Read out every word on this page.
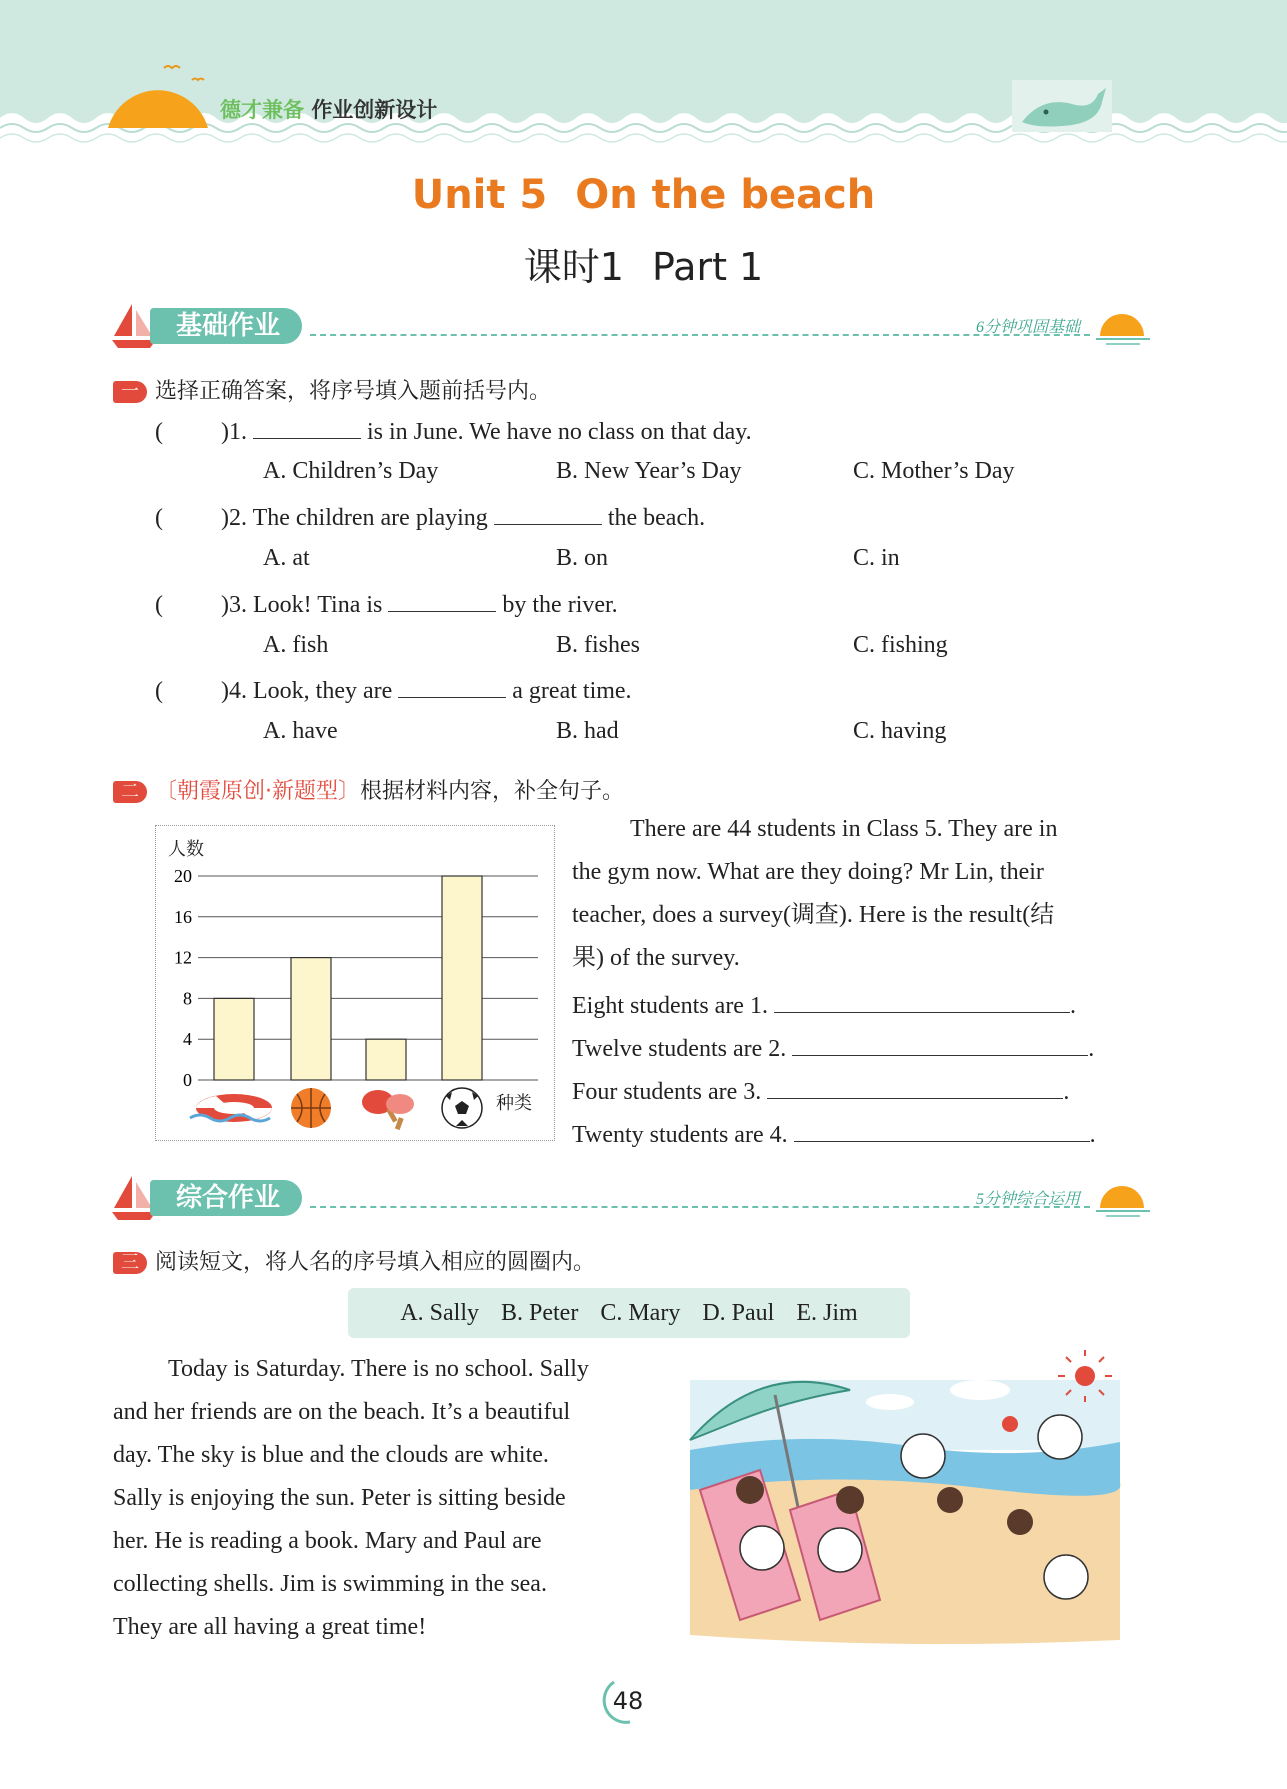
德才兼备 作业创新设计
Unit 5 On the beach
课时1 Part 1
基础作业	6分钟巩固基础
一 选择正确答案，将序号填入题前括号内。
( )1.	is in June. We have no class on that day.
A. Children’s Day	B. New Year’s Day	C. Mother’s Day
( )2. The children are playing	the beach.
A. at	B. on	C. in
( )3. Look! Tina is	by the river.
A. fish	B. fishes	C. fishing
( )4. Look, they are	a great time.
A. have	B. had	C. having
二 〔朝霞原创·新题型〕根据材料内容，补全句子。
人数
种类
20
16
12
8
4
0
There are 44 students in Class 5. They are in
the gym now. What are they doing? Mr Lin, their
teacher, does a survey(调查). Here is the result(结
果) of the survey.
Eight students are 1.	.
Twelve students are 2.	.
Four students are 3.	.
Twenty students are 4.	.
综合作业	5分钟综合运用
三 阅读短文，将人名的序号填入相应的圆圈内。
A. Sally B. Peter C. Mary D. Paul E. Jim
Today is Saturday. There is no school. Sally
and her friends are on the beach. It’s a beautiful
day. The sky is blue and the clouds are white.
Sally is enjoying the sun. Peter is sitting beside
her. He is reading a book. Mary and Paul are
collecting shells. Jim is swimming in the sea.
They are all having a great time!
48
